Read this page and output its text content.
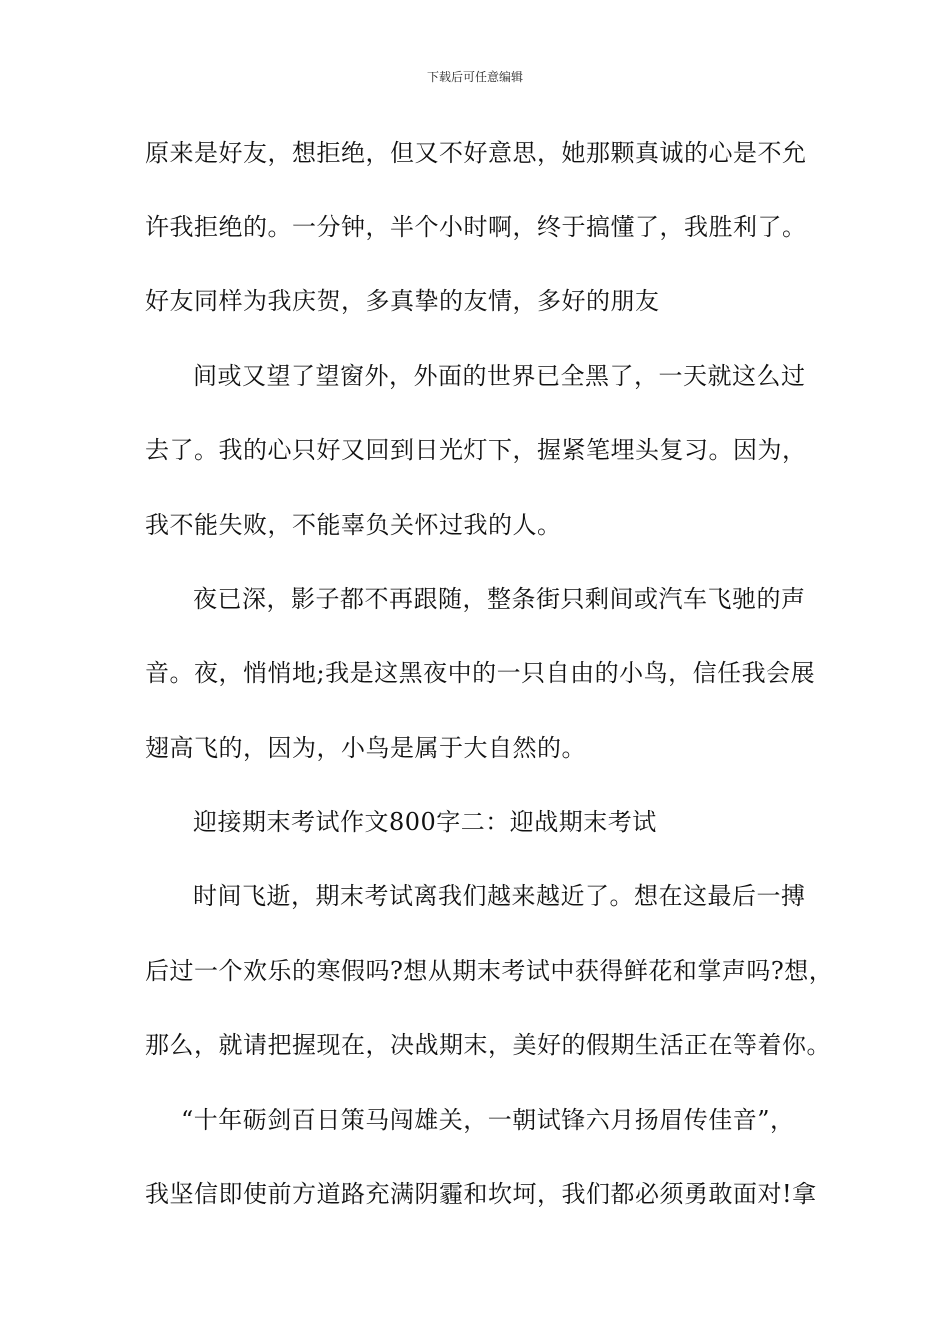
下载后可任意编辑
原来是好友，想拒绝，但又不好意思，她那颗真诚的心是不允
许我拒绝的。一分钟，半个小时啊，终于搞懂了，我胜利了。
好友同样为我庆贺，多真挚的友情，多好的朋友
间或又望了望窗外，外面的世界已全黑了，一天就这么过
去了。我的心只好又回到日光灯下，握紧笔埋头复习。因为，
我不能失败，不能辜负关怀过我的人。
夜已深，影子都不再跟随，整条街只剩间或汽车飞驰的声
音。夜，悄悄地;我是这黑夜中的一只自由的小鸟，信任我会展
翅高飞的，因为，小鸟是属于大自然的。
迎接期末考试作文800字二：迎战期末考试
时间飞逝，期末考试离我们越来越近了。想在这最后一搏
后过一个欢乐的寒假吗?想从期末考试中获得鲜花和掌声吗?想，
那么，就请把握现在，决战期末，美好的假期生活正在等着你。
“十年砺剑百日策马闯雄关，一朝试锋六月扬眉传佳音”，
我坚信即使前方道路充满阴霾和坎坷，我们都必须勇敢面对!拿
